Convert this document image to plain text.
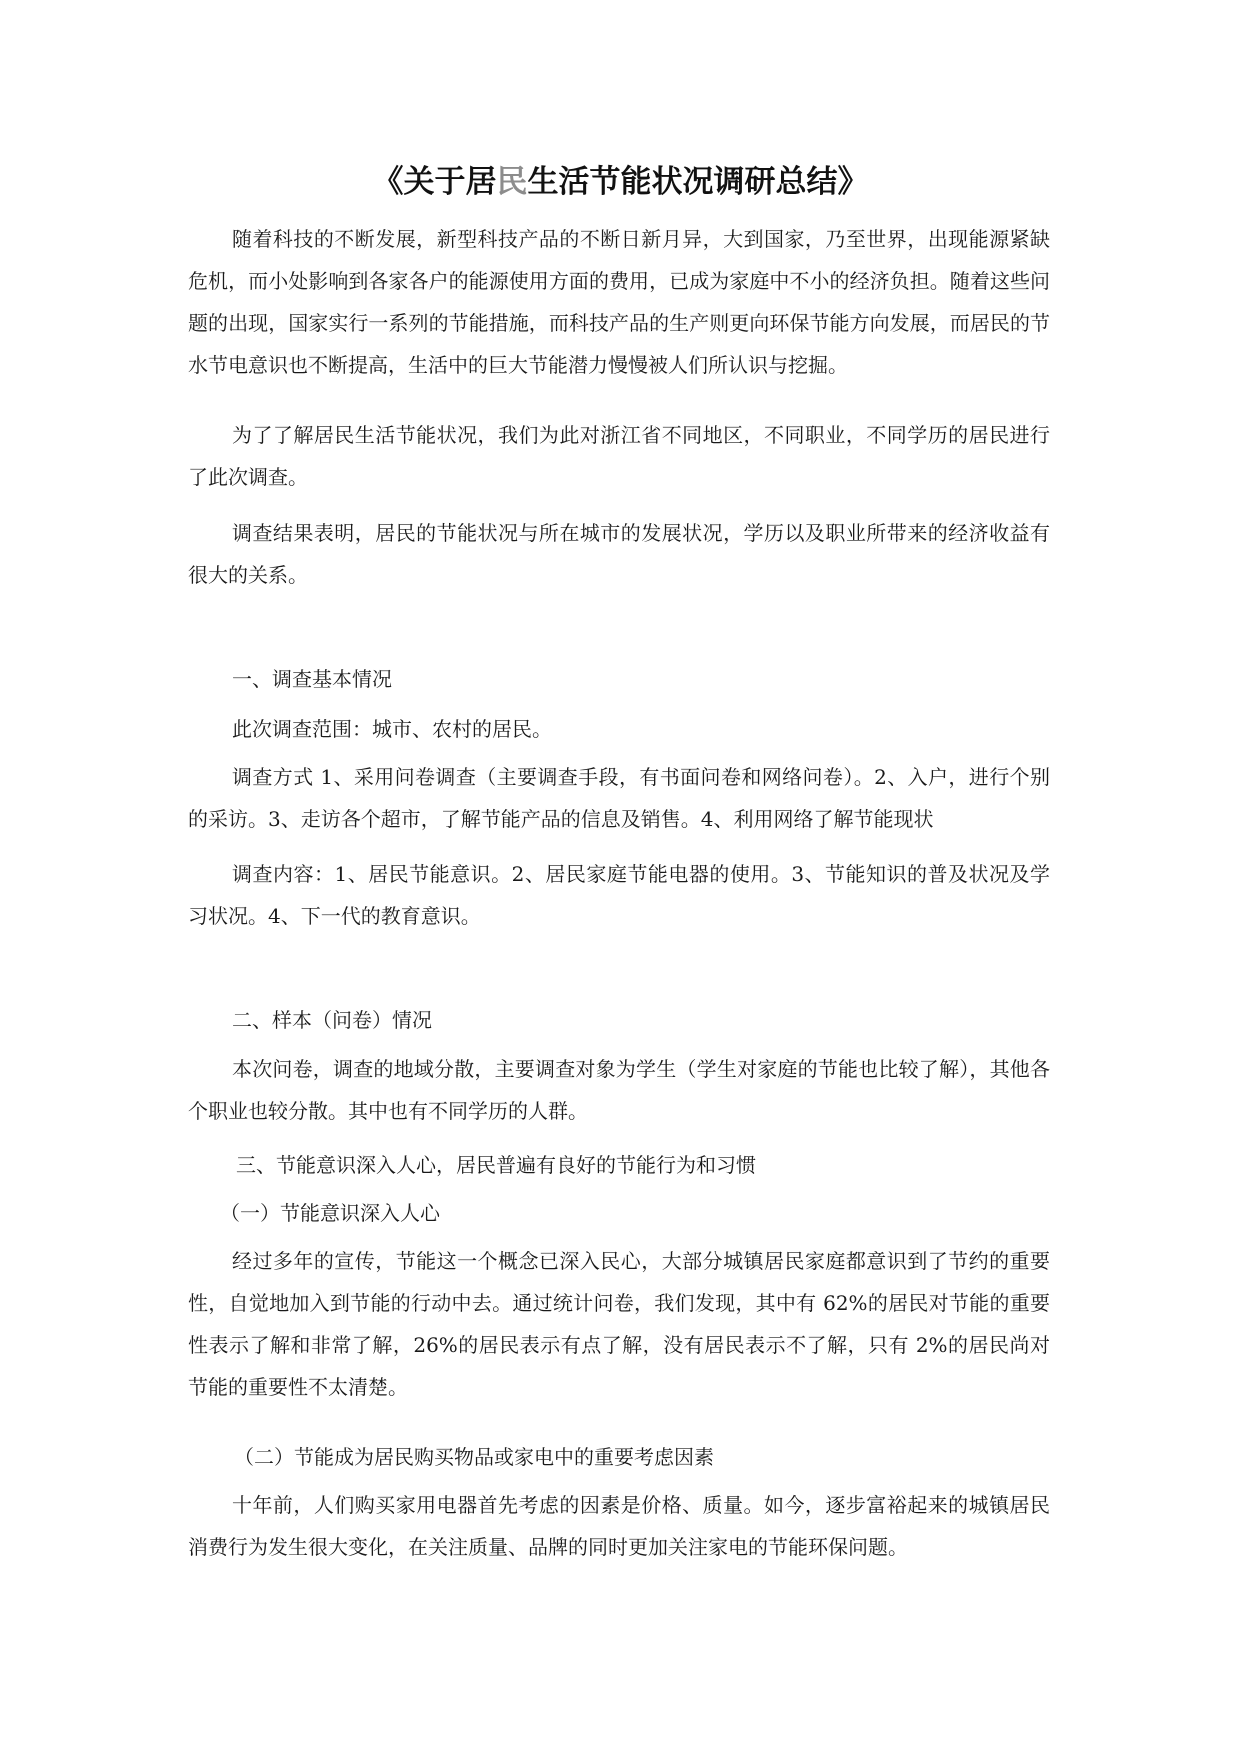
《关于居民生活节能状况调研总结》

随着科技的不断发展，新型科技产品的不断日新月异，大到国家，乃至世界，出现能源紧缺危机，而小处影响到各家各户的能源使用方面的费用，已成为家庭中不小的经济负担。随着这些问题的出现，国家实行一系列的节能措施，而科技产品的生产则更向环保节能方向发展，而居民的节水节电意识也不断提高，生活中的巨大节能潜力慢慢被人们所认识与挖掘。

为了了解居民生活节能状况，我们为此对浙江省不同地区，不同职业，不同学历的居民进行了此次调查。

调查结果表明，居民的节能状况与所在城市的发展状况，学历以及职业所带来的经济收益有很大的关系。

一、调查基本情况

此次调查范围：城市、农村的居民。

调查方式 1、采用问卷调查（主要调查手段，有书面问卷和网络问卷）。2、入户，进行个别的采访。3、走访各个超市，了解节能产品的信息及销售。4、利用网络了解节能现状

调查内容：1、居民节能意识。2、居民家庭节能电器的使用。3、节能知识的普及状况及学习状况。4、下一代的教育意识。

二、样本（问卷）情况

本次问卷，调查的地域分散，主要调查对象为学生（学生对家庭的节能也比较了解），其他各个职业也较分散。其中也有不同学历的人群。

三、节能意识深入人心，居民普遍有良好的节能行为和习惯

（一）节能意识深入人心

经过多年的宣传，节能这一个概念已深入民心，大部分城镇居民家庭都意识到了节约的重要性，自觉地加入到节能的行动中去。通过统计问卷，我们发现，其中有 62%的居民对节能的重要性表示了解和非常了解，26%的居民表示有点了解，没有居民表示不了解，只有 2%的居民尚对节能的重要性不太清楚。

（二）节能成为居民购买物品或家电中的重要考虑因素

十年前，人们购买家用电器首先考虑的因素是价格、质量。如今，逐步富裕起来的城镇居民消费行为发生很大变化，在关注质量、品牌的同时更加关注家电的节能环保问题。
